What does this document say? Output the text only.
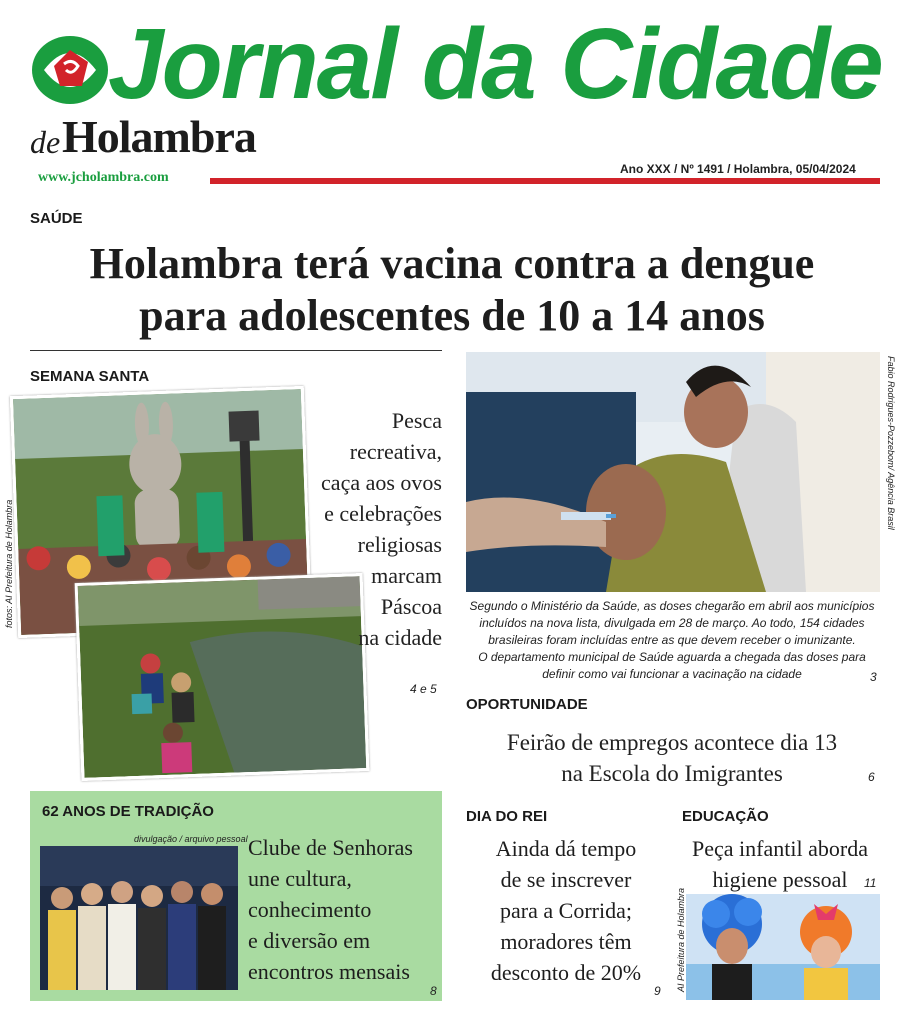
Jornal da Cidade
de Holambra
www.jcholambra.com
Ano XXX / Nº 1491 / Holambra, 05/04/2024
SAÚDE
Holambra terá vacina contra a dengue
para adolescentes de 10 a 14 anos
Fabio Rodrigues-Pozzebom/ Agência Brasil
Segundo o Ministério da Saúde, as doses chegarão em abril aos municípios
incluídos na nova lista, divulgada em 28 de março. Ao todo, 154 cidades
brasileiras foram incluídas entre as que devem receber o imunizante.
O departamento municipal de Saúde aguarda a chegada das doses para
definir como vai funcionar a vacinação na cidade	3
SEMANA SANTA
fotos: AI Prefeitura de Holambra
Pesca
recreativa,
caça aos ovos
e celebrações
religiosas
marcam
Páscoa
na cidade
4 e 5
OPORTUNIDADE
Feirão de empregos acontece dia 13
na Escola do Imigrantes	6
62 ANOS DE TRADIÇÃO
divulgação / arquivo pessoal Clube de Senhoras
une cultura,
conhecimento
e diversão em
encontros mensais
8
DIA DO REI
Ainda dá tempo
de se inscrever
para a Corrida;
moradores têm
desconto de 20%
9
EDUCAÇÃO
Peça infantil aborda
higiene pessoal	11
AI Prefeitura de Holambra
